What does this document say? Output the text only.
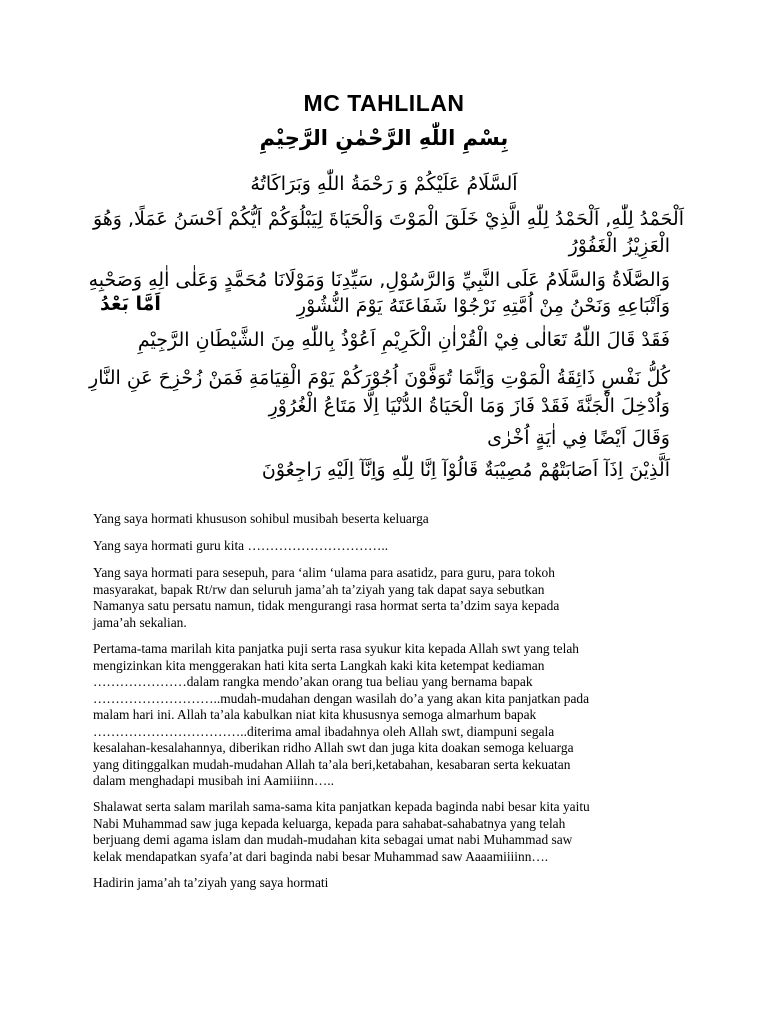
MC TAHLILAN
بِسْمِ اللّٰهِ الرَّحْمٰنِ الرَّحِيْمِ
اَلسَّلَامُ عَلَيْكُمْ وَ رَحْمَةُ اللّٰهِ وَبَرَاكَاتُهُ
اَلْحَمْدُ لِلّٰهِ, اَلْحَمْدُ لِلّٰهِ الَّذِيْ خَلَقَ الْمَوْتَ وَالْحَيَاةَ لِيَبْلُوَكُمْ اَيُّكُمْ اَحْسَنُ عَمَلًا, وَهُوَ
الْعَزِيْزُ الْغَفُوْرُ
وَالصَّلَاةُ وَالسَّلَامُ عَلَى النَّبِيِّ وَالرَّسُوْلِ, سَيِّدِنَا وَمَوْلَانَا مُحَمَّدٍ وَعَلٰى اٰلِهِ وَصَحْبِهِ
وَاَتْبَاعِهِ وَنَحْنُ مِنْ اُمَّتِهِ نَرْجُوْا شَفَاعَتَهُ يَوْمَ النُّشُوْرِ
اَمَّا بَعْدُ
فَقَدْ قَالَ اللّٰهُ تَعَالٰى فِيْ الْقُرْاٰنِ الْكَرِيْمِ اَعُوْذُ بِاللّٰهِ مِنَ الشَّيْطَانِ الرَّجِيْمِ
كُلُّ نَفْسٍ ذَائِقَةُ الْمَوْتِ وَاِنَّمَا تُوَفَّوْنَ اُجُوْرَكُمْ يَوْمَ الْقِيَامَةِ فَمَنْ زُحْزِحَ عَنِ النَّارِ
وَاُدْخِلَ الْجَنَّةَ فَقَدْ فَازَ وَمَا الْحَيَاةُ الدُّنْيَا اِلَّا مَتَاعُ الْغُرُوْرِ
وَقَالَ اَيْضًا فِي اٰيَةٍ اُخْرٰى
اَلَّذِيْنَ اِذَآ اَصَابَتْهُمْ مُصِيْبَةٌ قَالُوْآ اِنَّا لِلّٰهِ وَاِنَّآ اِلَيْهِ رَاجِعُوْنَ
Yang saya hormati khususon sohibul musibah beserta keluarga
Yang saya hormati guru kita …………………………..
Yang saya hormati para sesepuh, para ‘alim ‘ulama para asatidz, para guru, para tokoh
masyarakat, bapak Rt/rw dan seluruh jama’ah ta’ziyah yang tak dapat saya sebutkan
Namanya satu persatu namun, tidak mengurangi rasa hormat serta ta’dzim saya kepada
jama’ah sekalian.
Pertama-tama marilah kita panjatka puji serta rasa syukur kita kepada Allah swt yang telah
mengizinkan kita menggerakan hati kita serta Langkah kaki kita ketempat kediaman
…………………dalam rangka mendo’akan orang tua beliau yang bernama bapak
………………………..mudah-mudahan dengan wasilah do’a yang akan kita panjatkan pada
malam hari ini. Allah ta’ala kabulkan niat kita khususnya semoga almarhum bapak
……………………………..diterima amal ibadahnya oleh Allah swt, diampuni segala
kesalahan-kesalahannya, diberikan ridho Allah swt dan juga kita doakan semoga keluarga
yang ditinggalkan mudah-mudahan Allah ta’ala beri,ketabahan, kesabaran serta kekuatan
dalam menghadapi musibah ini Aamiiinn…..
Shalawat serta salam marilah sama-sama kita panjatkan kepada baginda nabi besar kita yaitu
Nabi Muhammad saw juga kepada keluarga, kepada para sahabat-sahabatnya yang telah
berjuang demi agama islam dan mudah-mudahan kita sebagai umat nabi Muhammad saw
kelak mendapatkan syafa’at dari baginda nabi besar Muhammad saw Aaaamiiiinn….
Hadirin jama’ah ta’ziyah yang saya hormati
